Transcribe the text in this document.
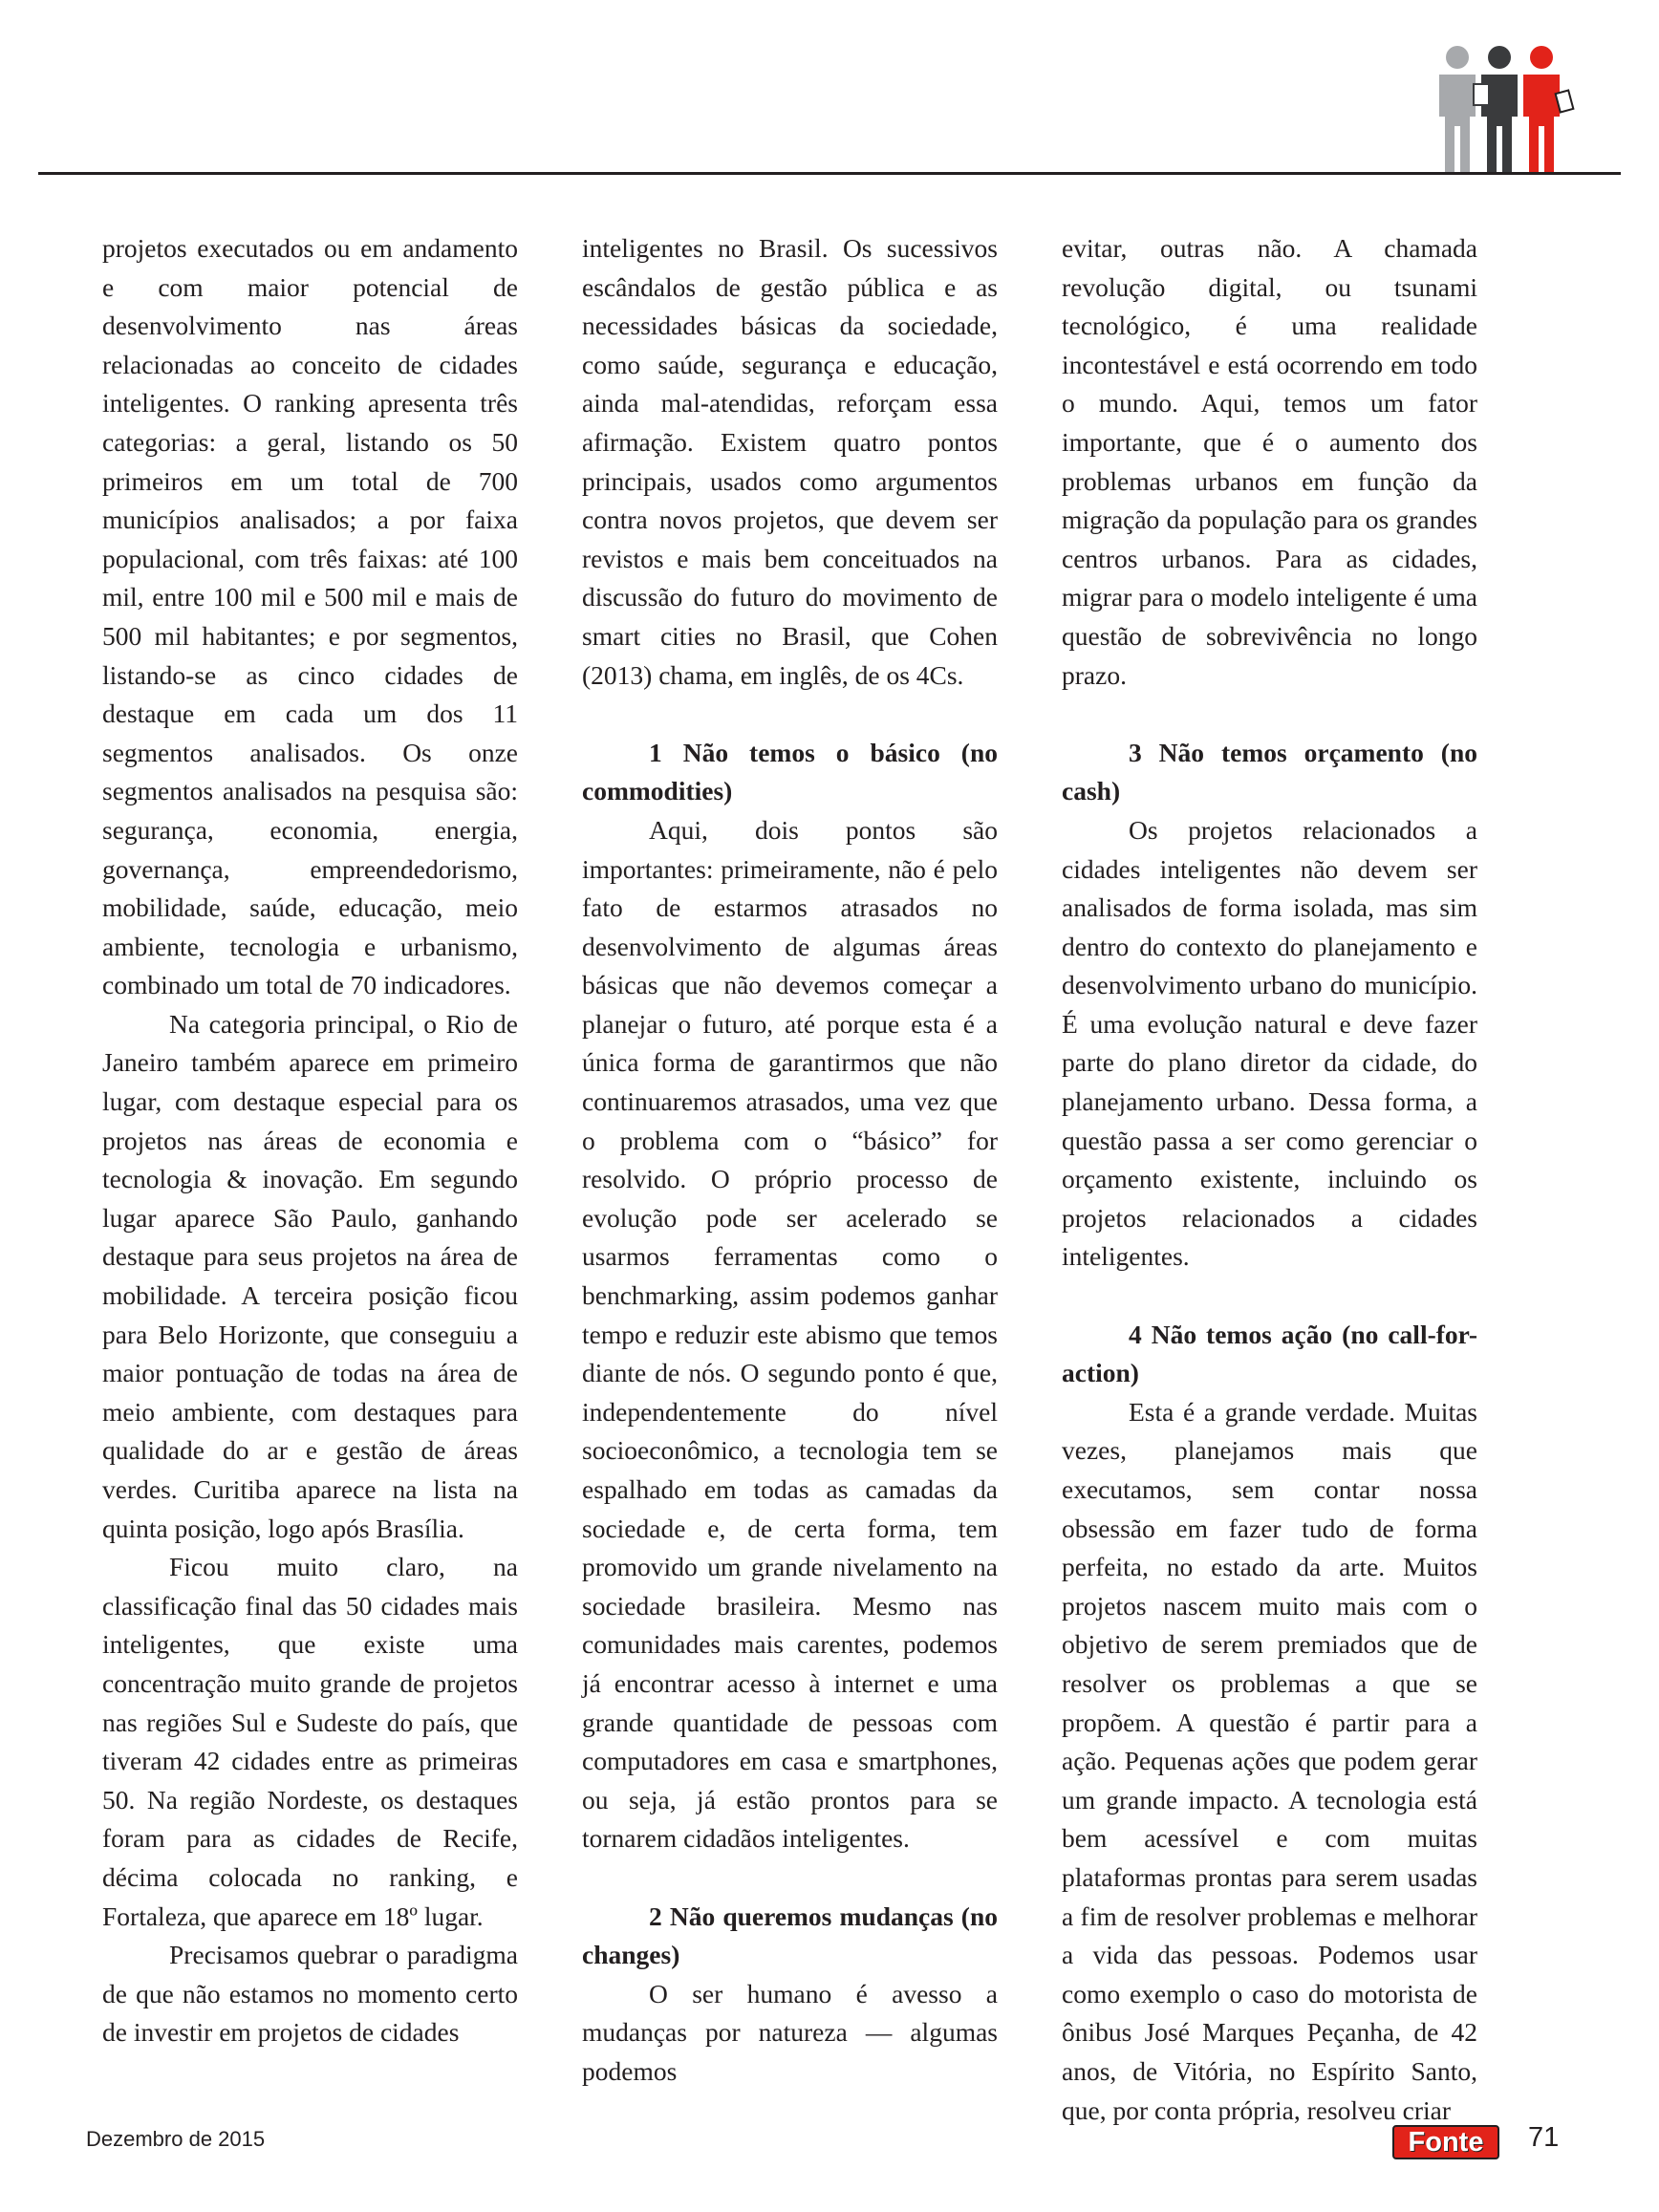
projetos executados ou em andamento e com maior potencial de desenvolvimento nas áreas relacionadas ao conceito de cidades inteligentes. O ranking apresenta três categorias: a geral, listando os 50 primeiros em um total de 700 municípios analisados; a por faixa populacional, com três faixas: até 100 mil, entre 100 mil e 500 mil e mais de 500 mil habitantes; e por segmentos, listando-se as cinco cidades de destaque em cada um dos 11 segmentos analisados. Os onze segmentos analisados na pesquisa são: segurança, economia, energia, governança, empreendedorismo, mobilidade, saúde, educação, meio ambiente, tecnologia e urbanismo, combinado um total de 70 indicadores.

Na categoria principal, o Rio de Janeiro também aparece em primeiro lugar, com destaque especial para os projetos nas áreas de economia e tecnologia & inovação. Em segundo lugar aparece São Paulo, ganhando destaque para seus projetos na área de mobilidade. A terceira posição ficou para Belo Horizonte, que conseguiu a maior pontuação de todas na área de meio ambiente, com destaques para qualidade do ar e gestão de áreas verdes. Curitiba aparece na lista na quinta posição, logo após Brasília.

Ficou muito claro, na classificação final das 50 cidades mais inteligentes, que existe uma concentração muito grande de projetos nas regiões Sul e Sudeste do país, que tiveram 42 cidades entre as primeiras 50. Na região Nordeste, os destaques foram para as cidades de Recife, décima colocada no ranking, e Fortaleza, que aparece em 18º lugar.

Precisamos quebrar o paradigma de que não estamos no momento certo de investir em projetos de cidades

inteligentes no Brasil. Os sucessivos escândalos de gestão pública e as necessidades básicas da sociedade, como saúde, segurança e educação, ainda mal-atendidas, reforçam essa afirmação. Existem quatro pontos principais, usados como argumentos contra novos projetos, que devem ser revistos e mais bem conceituados na discussão do futuro do movimento de smart cities no Brasil, que Cohen (2013) chama, em inglês, de os 4Cs.

1 Não temos o básico (no commodities)

Aqui, dois pontos são importantes: primeiramente, não é pelo fato de estarmos atrasados no desenvolvimento de algumas áreas básicas que não devemos começar a planejar o futuro, até porque esta é a única forma de garantirmos que não continuaremos atrasados, uma vez que o problema com o “básico” for resolvido. O próprio processo de evolução pode ser acelerado se usarmos ferramentas como o benchmarking, assim podemos ganhar tempo e reduzir este abismo que temos diante de nós. O segundo ponto é que, independentemente do nível socioeconômico, a tecnologia tem se espalhado em todas as camadas da sociedade e, de certa forma, tem promovido um grande nivelamento na sociedade brasileira. Mesmo nas comunidades mais carentes, podemos já encontrar acesso à internet e uma grande quantidade de pessoas com computadores em casa e smartphones, ou seja, já estão prontos para se tornarem cidadãos inteligentes.

2 Não queremos mudanças (no changes)

O ser humano é avesso a mudanças por natureza — algumas podemos

evitar, outras não. A chamada revolução digital, ou tsunami tecnológico, é uma realidade incontestável e está ocorrendo em todo o mundo. Aqui, temos um fator importante, que é o aumento dos problemas urbanos em função da migração da população para os grandes centros urbanos. Para as cidades, migrar para o modelo inteligente é uma questão de sobrevivência no longo prazo.

3 Não temos orçamento (no cash)

Os projetos relacionados a cidades inteligentes não devem ser analisados de forma isolada, mas sim dentro do contexto do planejamento e desenvolvimento urbano do município. É uma evolução natural e deve fazer parte do plano diretor da cidade, do planejamento urbano. Dessa forma, a questão passa a ser como gerenciar o orçamento existente, incluindo os projetos relacionados a cidades inteligentes.

4 Não temos ação (no call-for-action)

Esta é a grande verdade. Muitas vezes, planejamos mais que executamos, sem contar nossa obsessão em fazer tudo de forma perfeita, no estado da arte. Muitos projetos nascem muito mais com o objetivo de serem premiados que de resolver os problemas a que se propõem. A questão é partir para a ação. Pequenas ações que podem gerar um grande impacto. A tecnologia está bem acessível e com muitas plataformas prontas para serem usadas a fim de resolver problemas e melhorar a vida das pessoas. Podemos usar como exemplo o caso do motorista de ônibus José Marques Peçanha, de 42 anos, de Vitória, no Espírito Santo, que, por conta própria, resolveu criar

Dezembro de 2015	Fonte	71
